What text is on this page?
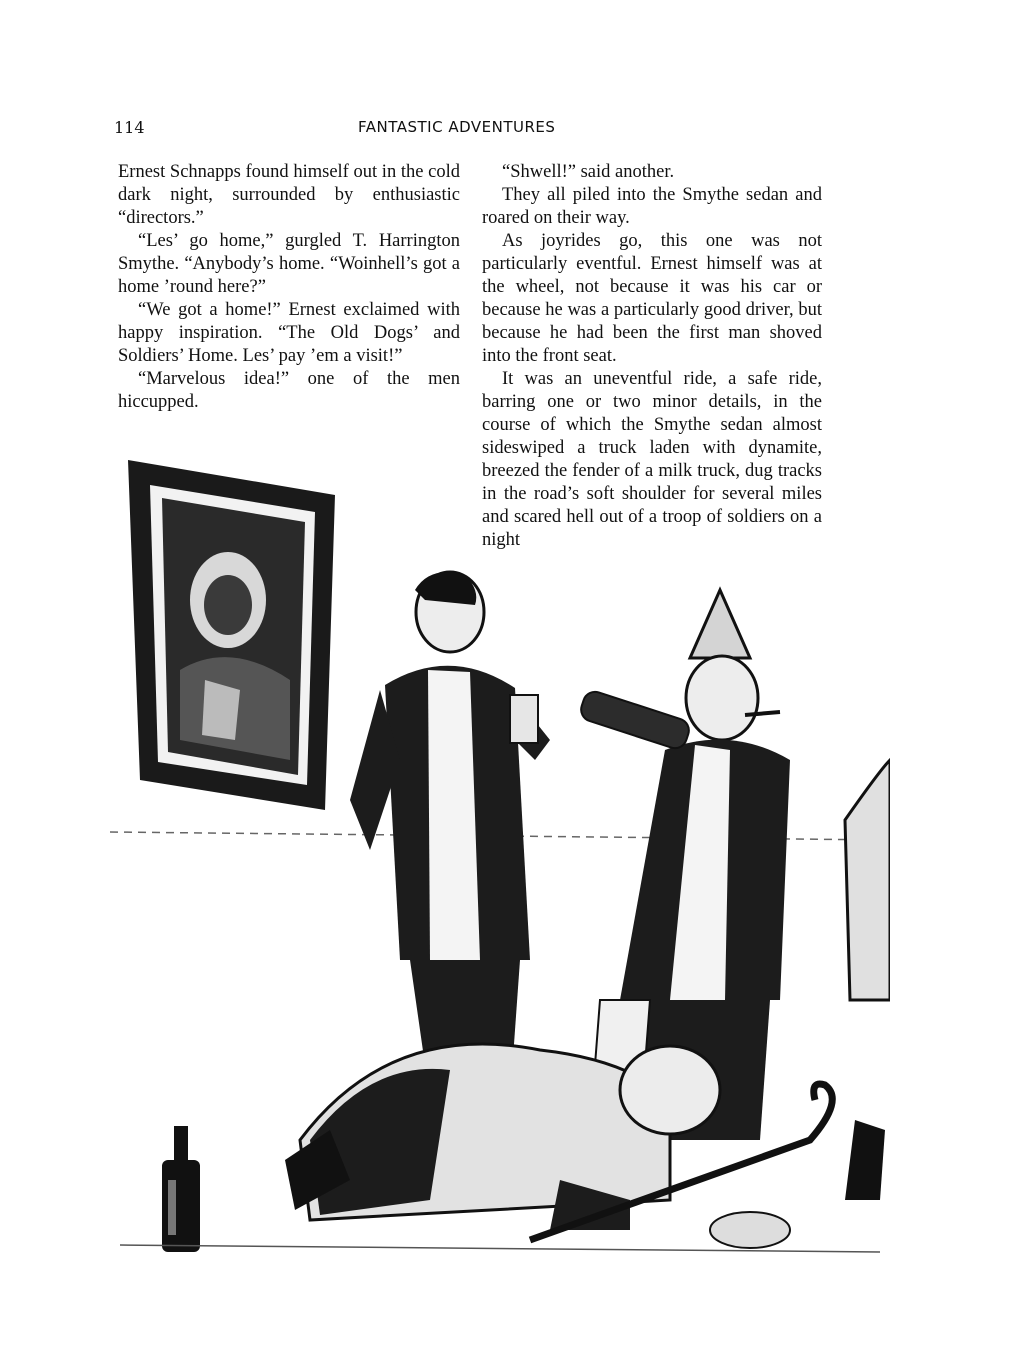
114	FANTASTIC ADVENTURES

Ernest Schnapps found himself out in the cold dark night, surrounded by enthusiastic “directors.”

“Les’ go home,” gurgled T. Harrington Smythe. “Anybody’s home. “Woinhell’s got a home ’round here?”

“We got a home!” Ernest exclaimed with happy inspiration. “The Old Dogs’ and Soldiers’ Home. Les’ pay ’em a visit!”

“Marvelous idea!” one of the men hiccupped.

“Shwell!” said another.

They all piled into the Smythe sedan and roared on their way.

As joyrides go, this one was not particularly eventful. Ernest himself was at the wheel, not because it was his car or because he was a particularly good driver, but because he had been the first man shoved into the front seat.

It was an uneventful ride, a safe ride, barring one or two minor details, in the course of which the Smythe sedan almost sideswiped a truck laden with dynamite, breezed the fender of a milk truck, dug tracks in the road’s soft shoulder for several miles and scared hell out of a troop of soldiers on a night
